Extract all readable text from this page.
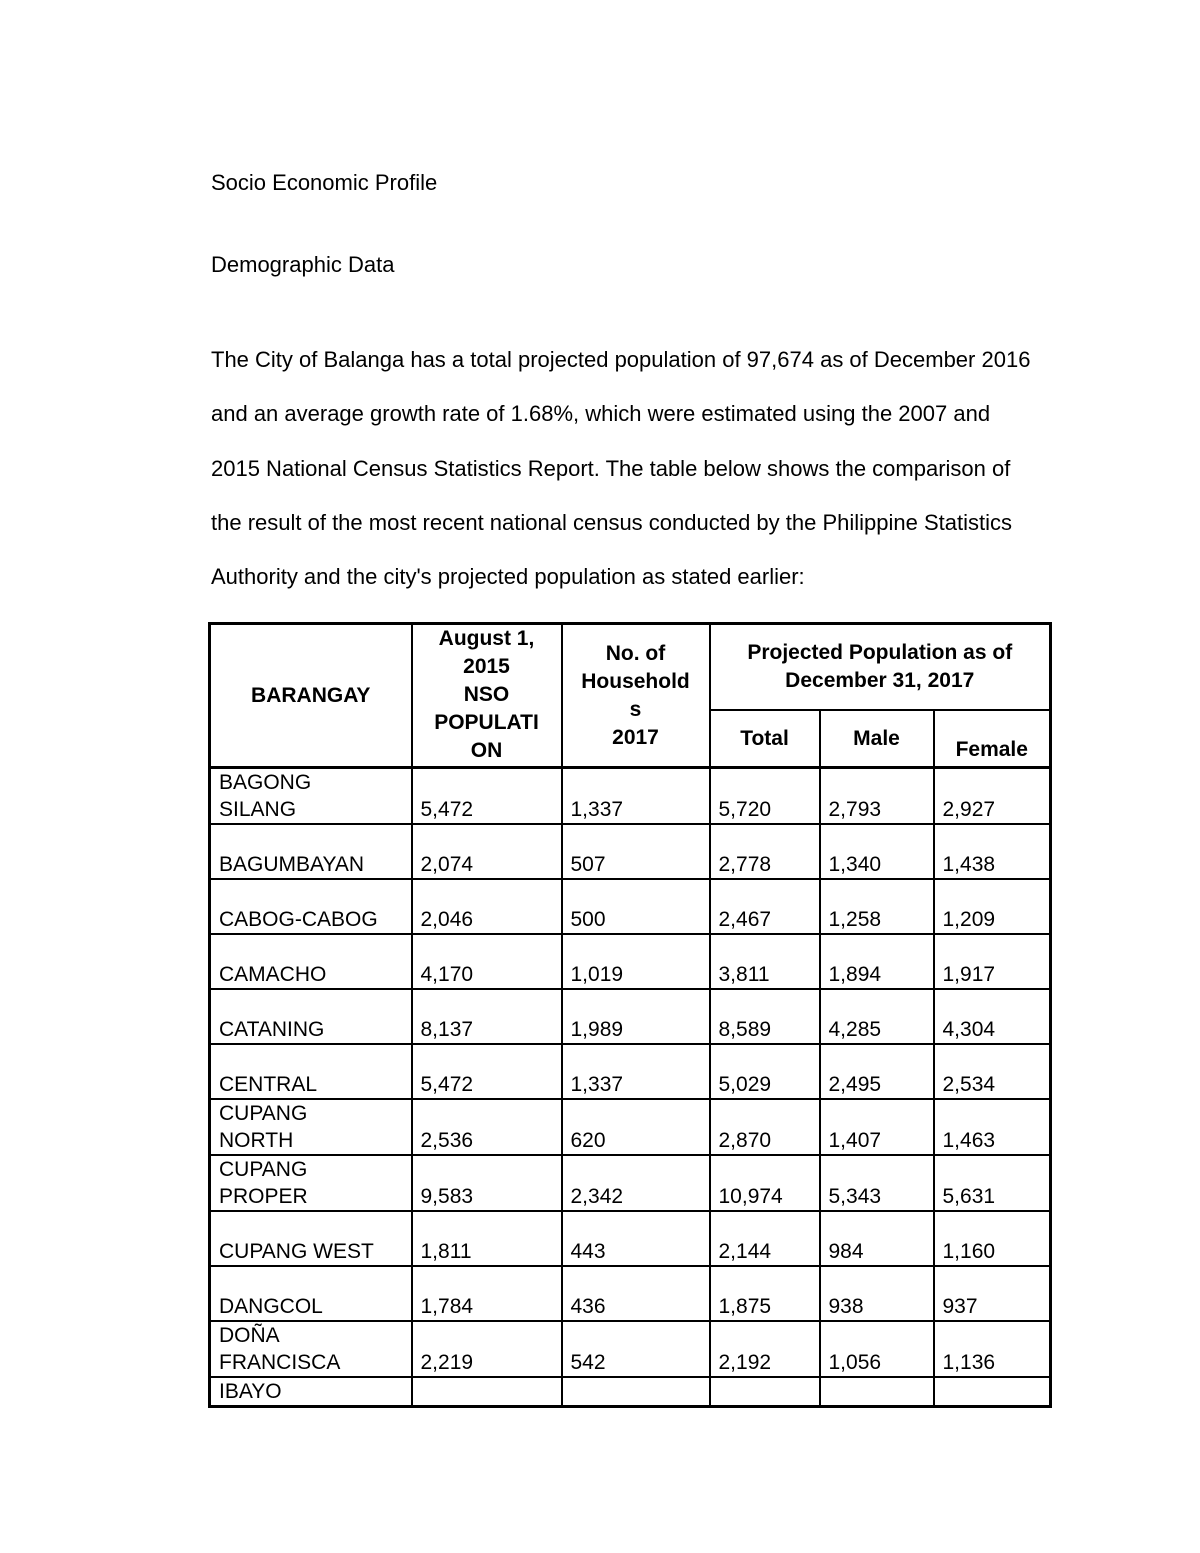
Socio Economic Profile
Demographic Data
The City of Balanga has a total projected population of 97,674 as of December 2016
and an average growth rate of 1.68%, which were estimated using the 2007 and
2015 National Census Statistics Report. The table below shows the comparison of
the result of the most recent national census conducted by the Philippine Statistics
Authority and the city's projected population as stated earlier:
BARANGAY	August 1,
2015
NSO
POPULATI
ON	No. of
Household
s
2017	Projected Population as of December 31, 2017		
			Total	Male	Female
BAGONG
SILANG	5,472	1,337	5,720	2,793	2,927
BAGUMBAYAN	2,074	507	2,778	1,340	1,438
CABOG-CABOG	2,046	500	2,467	1,258	1,209
CAMACHO	4,170	1,019	3,811	1,894	1,917
CATANING	8,137	1,989	8,589	4,285	4,304
CENTRAL	5,472	1,337	5,029	2,495	2,534
CUPANG
NORTH	2,536	620	2,870	1,407	1,463
CUPANG
PROPER	9,583	2,342	10,974	5,343	5,631
CUPANG WEST	1,811	443	2,144	984	1,160
DANGCOL	1,784	436	1,875	938	937
DOÑA
FRANCISCA	2,219	542	2,192	1,056	1,136
IBAYO					
